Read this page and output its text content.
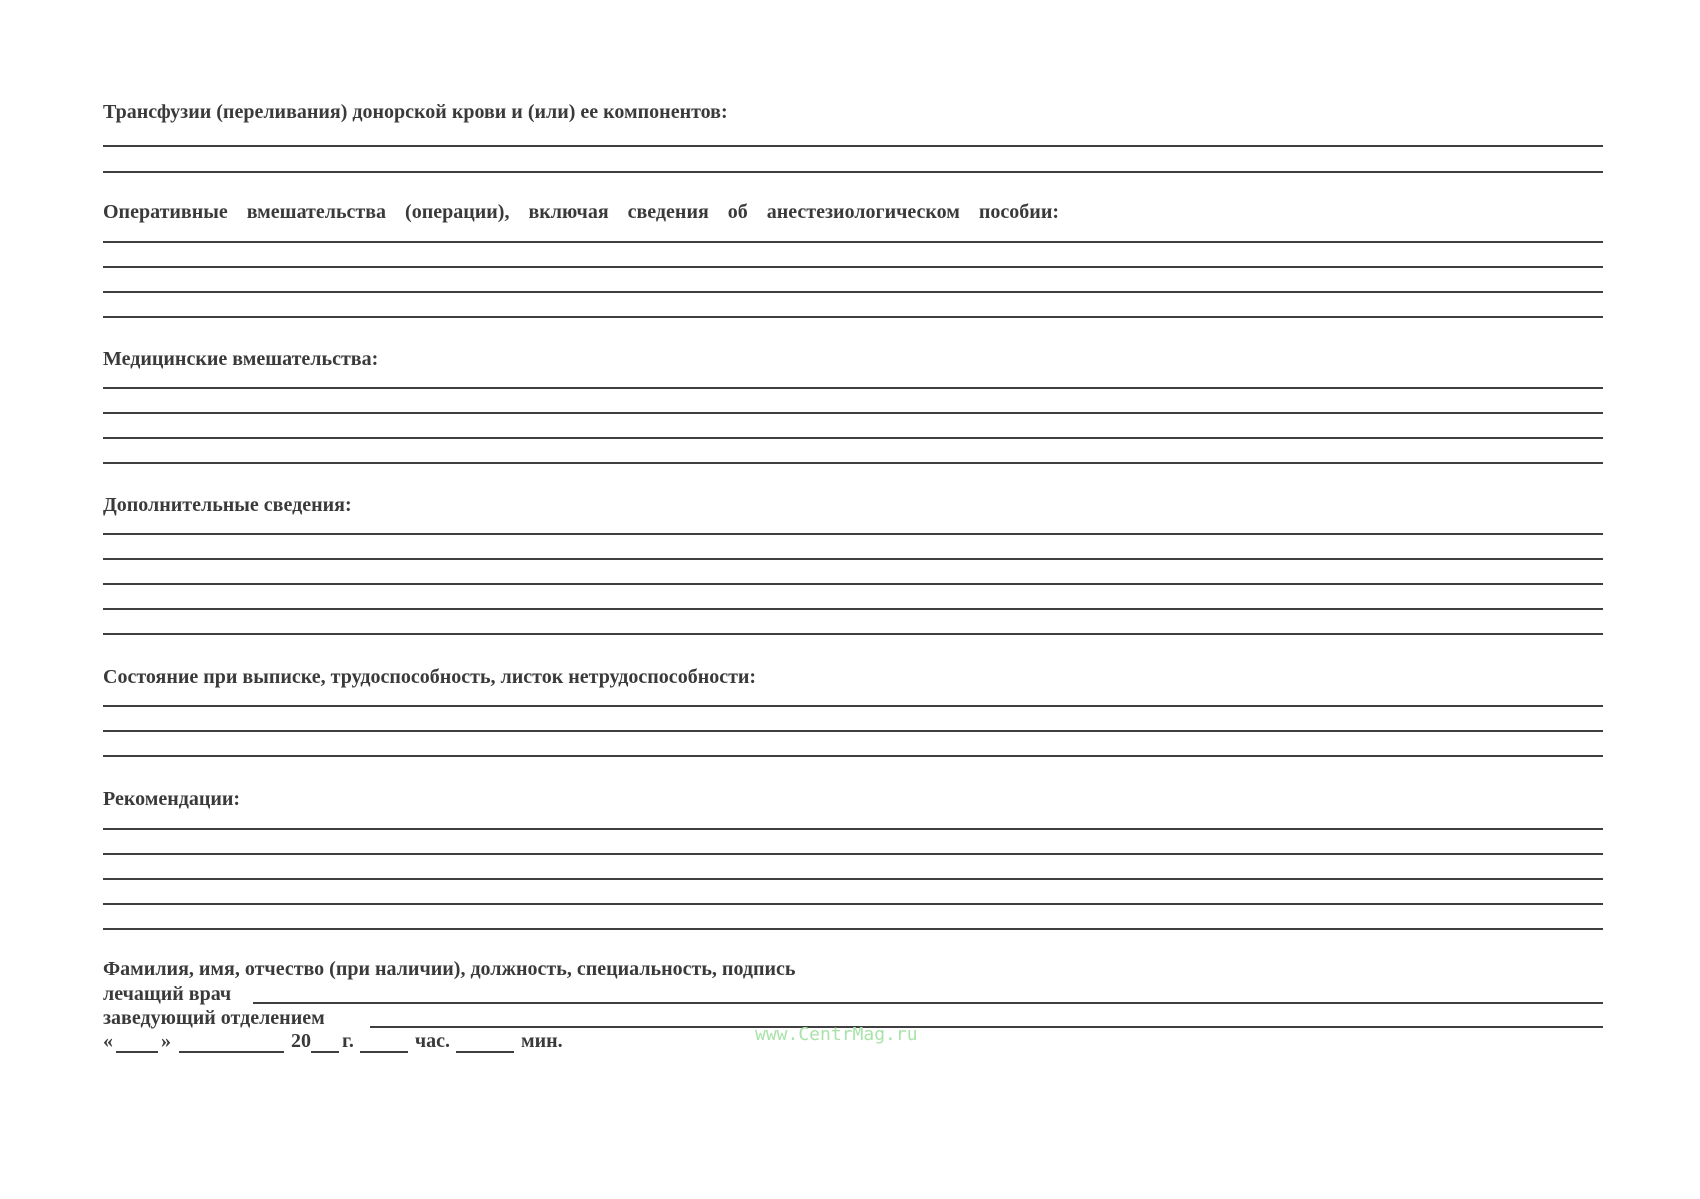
Трансфузии (переливания) донорской крови и (или) ее компонентов:
Оперативные вмешательства (операции), включая сведения об анестезиологическом пособии:
Медицинские вмешательства:
Дополнительные сведения:
Состояние при выписке, трудоспособность, листок нетрудоспособности:
Рекомендации:
Фамилия, имя, отчество (при наличии), должность, специальность, подпись
лечащий врач
заведующий отделением
« »	20 г.	час.	мин.	www.CentrMag.ru
